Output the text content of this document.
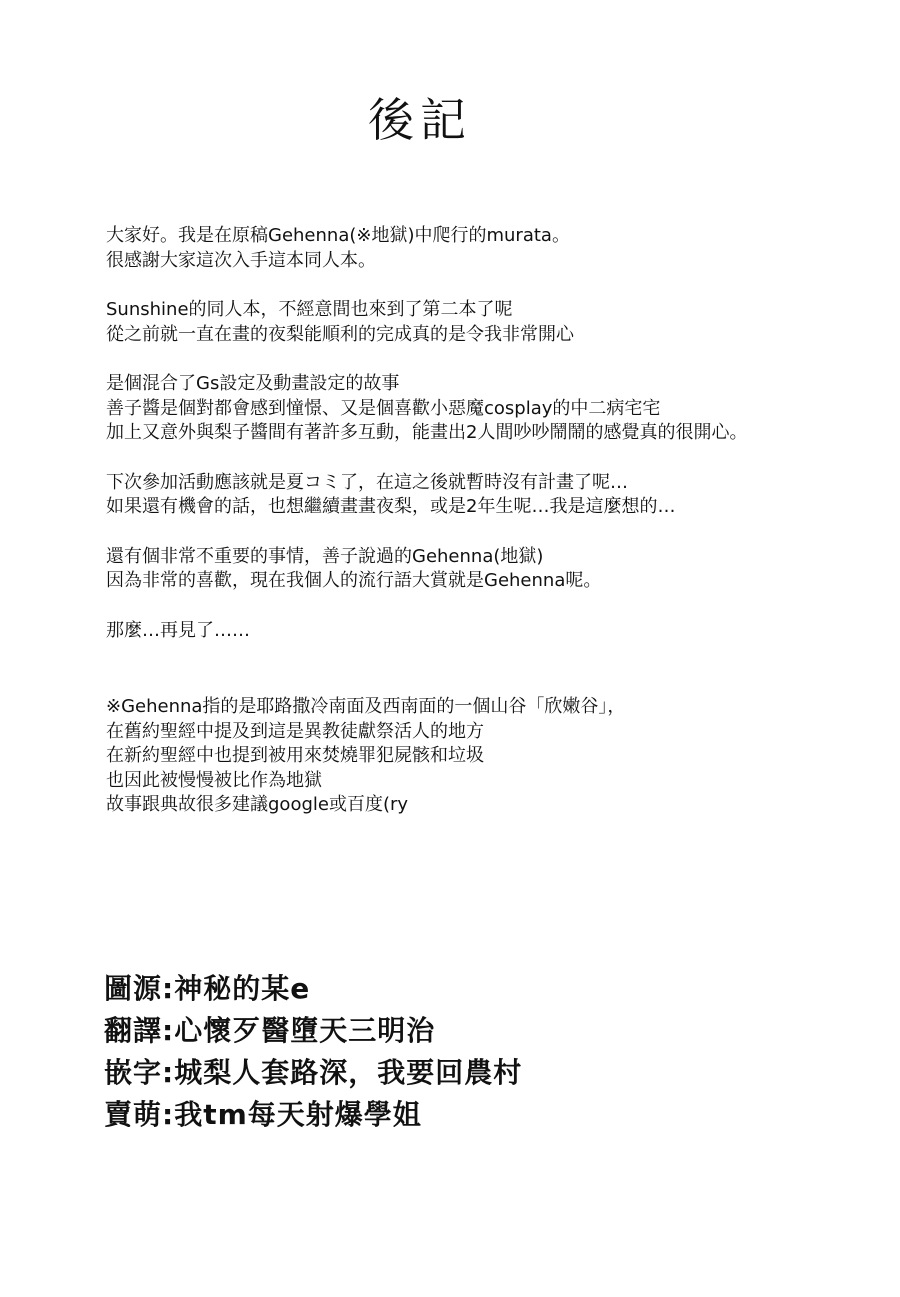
後記
大家好。我是在原稿Gehenna(※地獄)中爬行的murata。
很感謝大家這次入手這本同人本。
Sunshine的同人本，不經意間也來到了第二本了呢
從之前就一直在畫的夜梨能順利的完成真的是令我非常開心
是個混合了Gs設定及動畫設定的故事
善子醬是個對都會感到憧憬、又是個喜歡小惡魔cosplay的中二病宅宅
加上又意外與梨子醬間有著許多互動，能畫出2人間吵吵鬧鬧的感覺真的很開心。
下次參加活動應該就是夏コミ了，在這之後就暫時沒有計畫了呢…
如果還有機會的話，也想繼續畫畫夜梨，或是2年生呢…我是這麼想的…
還有個非常不重要的事情，善子說過的Gehenna(地獄)
因為非常的喜歡，現在我個人的流行語大賞就是Gehenna呢。
那麼…再見了……
※Gehenna指的是耶路撒冷南面及西南面的一個山谷「欣嫩谷」，
在舊約聖經中提及到這是異教徒獻祭活人的地方
在新約聖經中也提到被用來焚燒罪犯屍骸和垃圾
也因此被慢慢被比作為地獄
故事跟典故很多建議google或百度(ry
圖源:神秘的某e
翻譯:心懷歹醫墮天三明治
嵌字:城梨人套路深，我要回農村
賣萌:我tm每天射爆學姐
